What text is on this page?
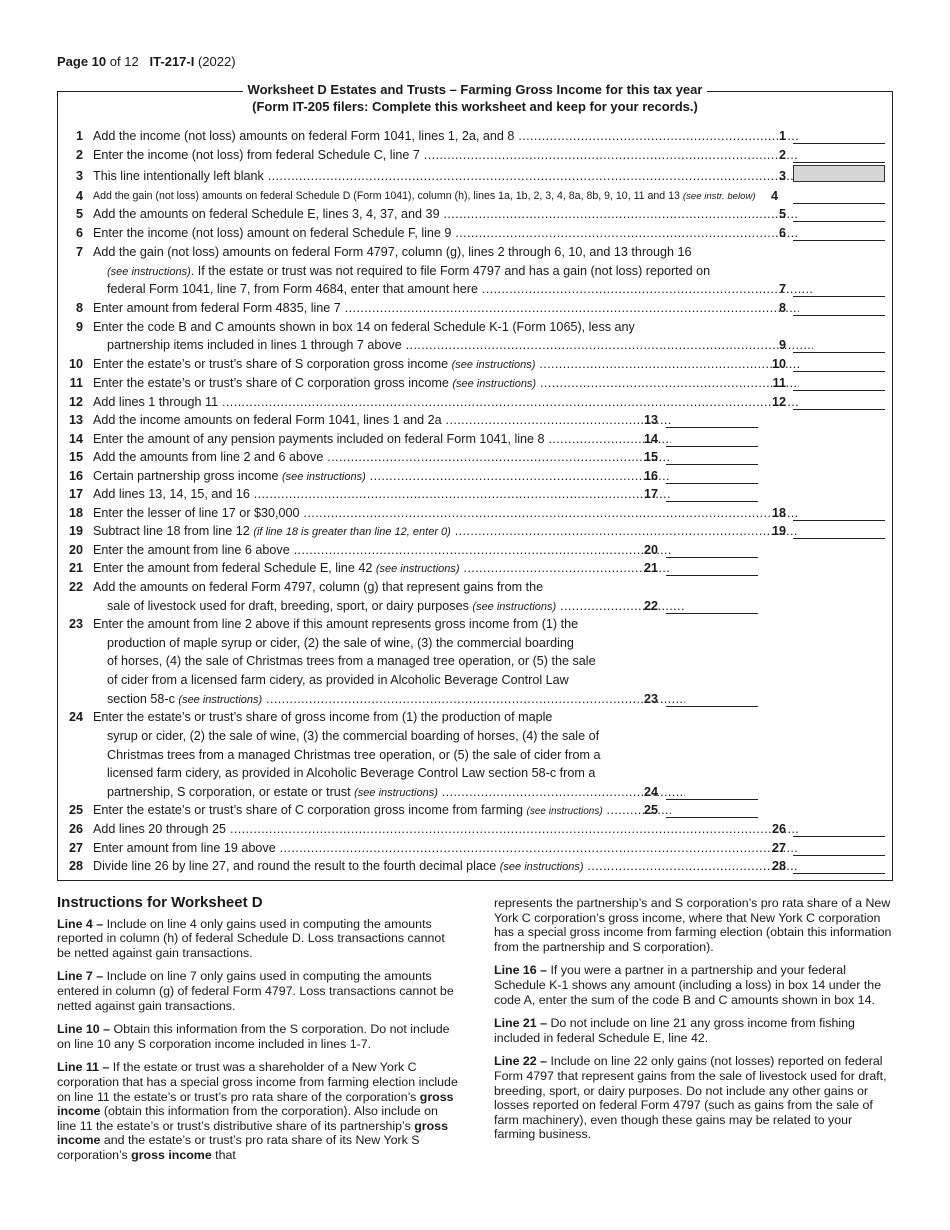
Page 10 of 12 IT-217-I (2022)
Worksheet D Estates and Trusts – Farming Gross Income for this tax year
(Form IT-205 filers: Complete this worksheet and keep for your records.)
1 Add the income (not loss) amounts on federal Form 1041, lines 1, 2a, and 8 .....	1
2 Enter the income (not loss) from federal Schedule C, line 7 .....	2
3 This line intentionally left blank .....	3
4 Add the gain (not loss) amounts on federal Schedule D (Form 1041), column (h), lines 1a, 1b, 2, 3, 4, 8a, 8b, 9, 10, 11 and 13 (see instr. below)	4
5 Add the amounts on federal Schedule E, lines 3, 4, 37, and 39 .....	5
6 Enter the income (not loss) amount on federal Schedule F, line 9 .....	6
7 Add the gain (not loss) amounts on federal Form 4797, column (g), lines 2 through 6, 10, and 13 through 16
(see instructions). If the estate or trust was not required to file Form 4797 and has a gain (not loss) reported on
federal Form 1041, line 7, from Form 4684, enter that amount here .....	7
8 Enter amount from federal Form 4835, line 7 .....	8
9 Enter the code B and C amounts shown in box 14 on federal Schedule K-1 (Form 1065), less any
partnership items included in lines 1 through 7 above .....	9
10 Enter the estate’s or trust’s share of S corporation gross income (see instructions) .....	10
11 Enter the estate’s or trust’s share of C corporation gross income (see instructions) .....	11
12 Add lines 1 through 11 .....	12
13 Add the income amounts on federal Form 1041, lines 1 and 2a .....	13
14 Enter the amount of any pension payments included on federal Form 1041, line 8 .....	14
15 Add the amounts from line 2 and 6 above .....	15
16 Certain partnership gross income (see instructions) .....	16
17 Add lines 13, 14, 15, and 16 .....	17
18 Enter the lesser of line 17 or $30,000 .....	18
19 Subtract line 18 from line 12 (if line 18 is greater than line 12, enter 0) .....	19
20 Enter the amount from line 6 above .....	20
21 Enter the amount from federal Schedule E, line 42 (see instructions) .....	21
22 Add the amounts on federal Form 4797, column (g) that represent gains from the
sale of livestock used for draft, breeding, sport, or dairy purposes (see instructions) .....	22
23 Enter the amount from line 2 above if this amount represents gross income from (1) the
production of maple syrup or cider, (2) the sale of wine, (3) the commercial boarding
of horses, (4) the sale of Christmas trees from a managed tree operation, or (5) the sale
of cider from a licensed farm cidery, as provided in Alcoholic Beverage Control Law
section 58-c (see instructions) .....	23
24 Enter the estate’s or trust’s share of gross income from (1) the production of maple
syrup or cider, (2) the sale of wine, (3) the commercial boarding of horses, (4) the sale of
Christmas trees from a managed Christmas tree operation, or (5) the sale of cider from a
licensed farm cidery, as provided in Alcoholic Beverage Control Law section 58-c from a
partnership, S corporation, or estate or trust (see instructions) .....	24
25 Enter the estate’s or trust’s share of C corporation gross income from farming (see instructions) .....	25
26 Add lines 20 through 25 .....	26
27 Enter amount from line 19 above .....	27
28 Divide line 26 by line 27, and round the result to the fourth decimal place (see instructions) .....	28
Instructions for Worksheet D

Line 4 – Include on line 4 only gains used in computing the amounts reported in column (h) of federal Schedule D. Loss transactions cannot be netted against gain transactions.

Line 7 – Include on line 7 only gains used in computing the amounts entered in column (g) of federal Form 4797. Loss transactions cannot be netted against gain transactions.

Line 10 – Obtain this information from the S corporation. Do not include on line 10 any S corporation income included in lines 1-7.

Line 11 – If the estate or trust was a shareholder of a New York C corporation that has a special gross income from farming election include on line 11 the estate’s or trust’s pro rata share of the corporation’s gross income (obtain this information from the corporation). Also include on line 11 the estate’s or trust’s distributive share of its partnership’s gross income and the estate’s or trust’s pro rata share of its New York S corporation’s gross income that

represents the partnership’s and S corporation’s pro rata share of a New York C corporation’s gross income, where that New York C corporation has a special gross income from farming election (obtain this information from the partnership and S corporation).

Line 16 – If you were a partner in a partnership and your federal Schedule K-1 shows any amount (including a loss) in box 14 under the code A, enter the sum of the code B and C amounts shown in box 14.

Line 21 – Do not include on line 21 any gross income from fishing included in federal Schedule E, line 42.

Line 22 – Include on line 22 only gains (not losses) reported on federal Form 4797 that represent gains from the sale of livestock used for draft, breeding, sport, or dairy purposes. Do not include any other gains or losses reported on federal Form 4797 (such as gains from the sale of farm machinery), even though these gains may be related to your farming business.
